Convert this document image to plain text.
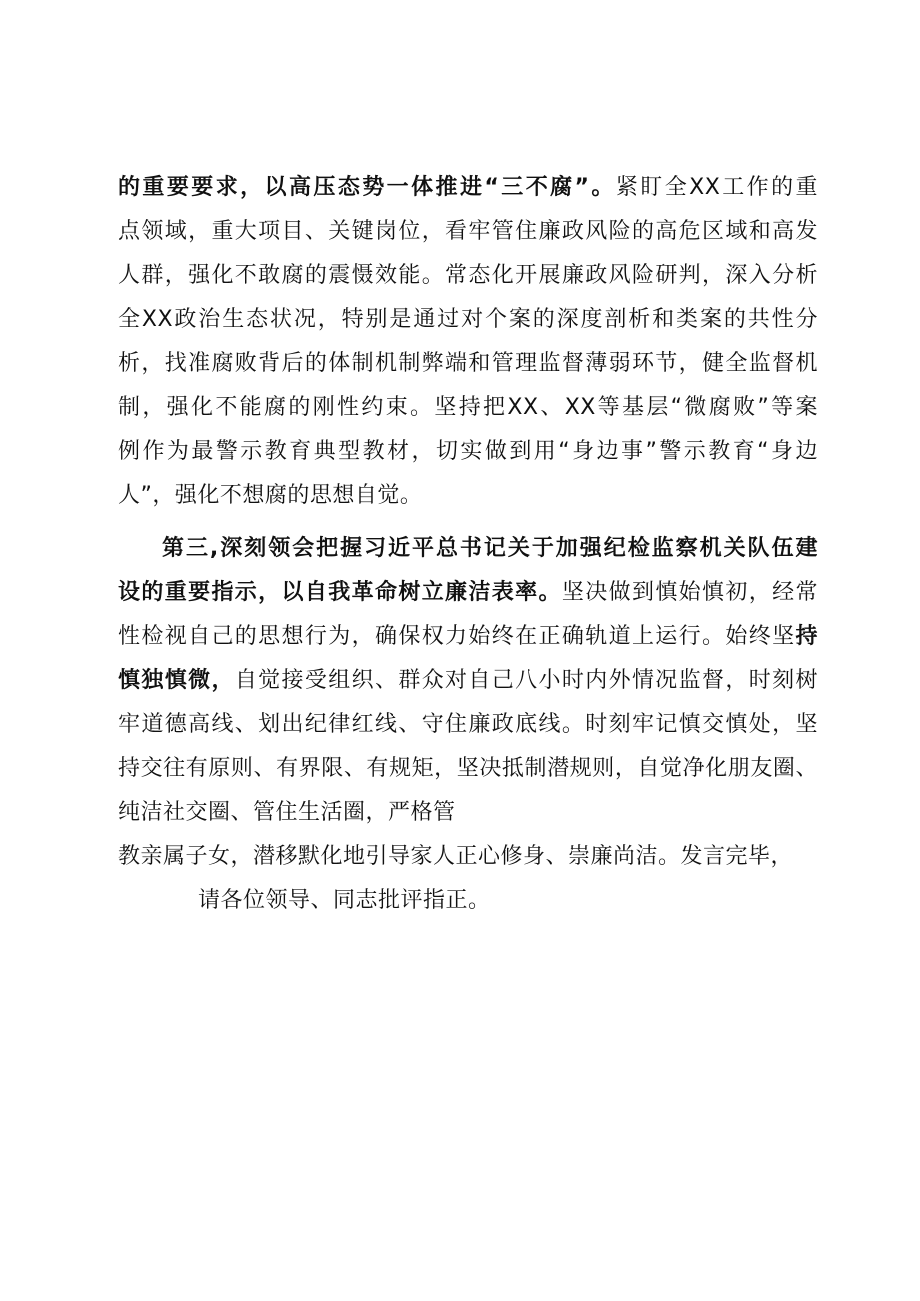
的重要要求，以高压态势一体推进“三不腐”。紧盯全XX工作的重
点领域，重大项目、关键岗位，看牢管住廉政风险的高危区域和高发
人群，强化不敢腐的震慑效能。常态化开展廉政风险研判，深入分析
全XX政治生态状况，特别是通过对个案的深度剖析和类案的共性分
析，找准腐败背后的体制机制弊端和管理监督薄弱环节，健全监督机
制，强化不能腐的刚性约束。坚持把XX、XX等基层“微腐败”等案
例作为最警示教育典型教材，切实做到用“身边事”警示教育“身边
人”，强化不想腐的思想自觉。
第三,深刻领会把握习近平总书记关于加强纪检监察机关队伍建
设的重要指示，以自我革命树立廉洁表率。坚决做到慎始慎初，经常
性检视自己的思想行为，确保权力始终在正确轨道上运行。始终坚持
慎独慎微，自觉接受组织、群众对自己八小时内外情况监督，时刻树
牢道德高线、划出纪律红线、守住廉政底线。时刻牢记慎交慎处，坚
持交往有原则、有界限、有规矩，坚决抵制潜规则，自觉净化朋友圈、
纯洁社交圈、管住生活圈，严格管
教亲属子女，潜移默化地引导家人正心修身、崇廉尚洁。发言完毕，
请各位领导、同志批评指正。
